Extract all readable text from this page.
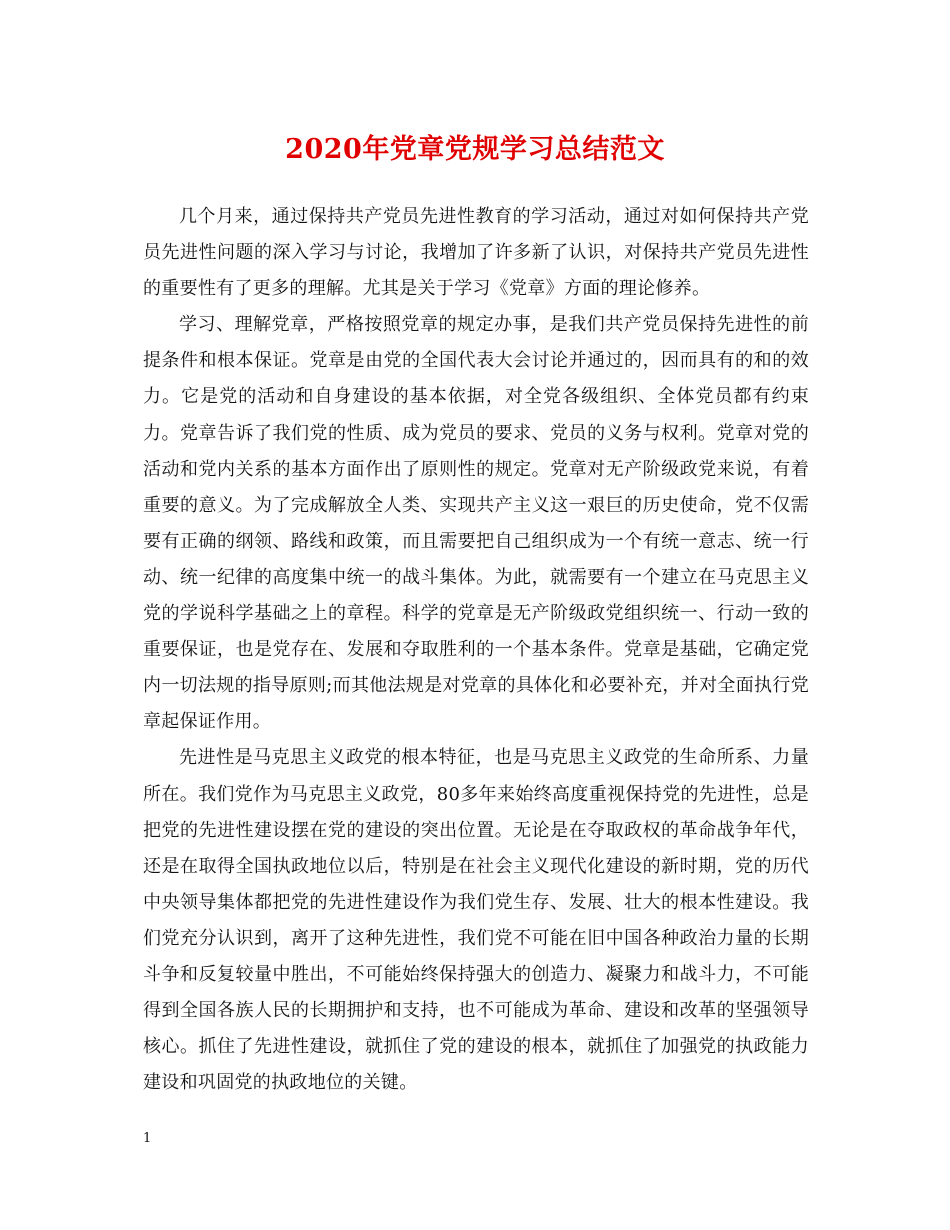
2020年党章党规学习总结范文

几个月来，通过保持共产党员先进性教育的学习活动，通过对如何保持共产党员先进性问题的深入学习与讨论，我增加了许多新了认识，对保持共产党员先进性的重要性有了更多的理解。尤其是关于学习《党章》方面的理论修养。

学习、理解党章，严格按照党章的规定办事，是我们共产党员保持先进性的前提条件和根本保证。党章是由党的全国代表大会讨论并通过的，因而具有的和的效力。它是党的活动和自身建设的基本依据，对全党各级组织、全体党员都有约束力。党章告诉了我们党的性质、成为党员的要求、党员的义务与权利。党章对党的活动和党内关系的基本方面作出了原则性的规定。党章对无产阶级政党来说，有着重要的意义。为了完成解放全人类、实现共产主义这一艰巨的历史使命，党不仅需要有正确的纲领、路线和政策，而且需要把自己组织成为一个有统一意志、统一行动、统一纪律的高度集中统一的战斗集体。为此，就需要有一个建立在马克思主义党的学说科学基础之上的章程。科学的党章是无产阶级政党组织统一、行动一致的重要保证，也是党存在、发展和夺取胜利的一个基本条件。党章是基础，它确定党内一切法规的指导原则;而其他法规是对党章的具体化和必要补充，并对全面执行党章起保证作用。

先进性是马克思主义政党的根本特征，也是马克思主义政党的生命所系、力量所在。我们党作为马克思主义政党，80多年来始终高度重视保持党的先进性，总是把党的先进性建设摆在党的建设的突出位置。无论是在夺取政权的革命战争年代，还是在取得全国执政地位以后，特别是在社会主义现代化建设的新时期，党的历代中央领导集体都把党的先进性建设作为我们党生存、发展、壮大的根本性建设。我们党充分认识到，离开了这种先进性，我们党不可能在旧中国各种政治力量的长期斗争和反复较量中胜出，不可能始终保持强大的创造力、凝聚力和战斗力，不可能得到全国各族人民的长期拥护和支持，也不可能成为革命、建设和改革的坚强领导核心。抓住了先进性建设，就抓住了党的建设的根本，就抓住了加强党的执政能力建设和巩固党的执政地位的关键。

1
